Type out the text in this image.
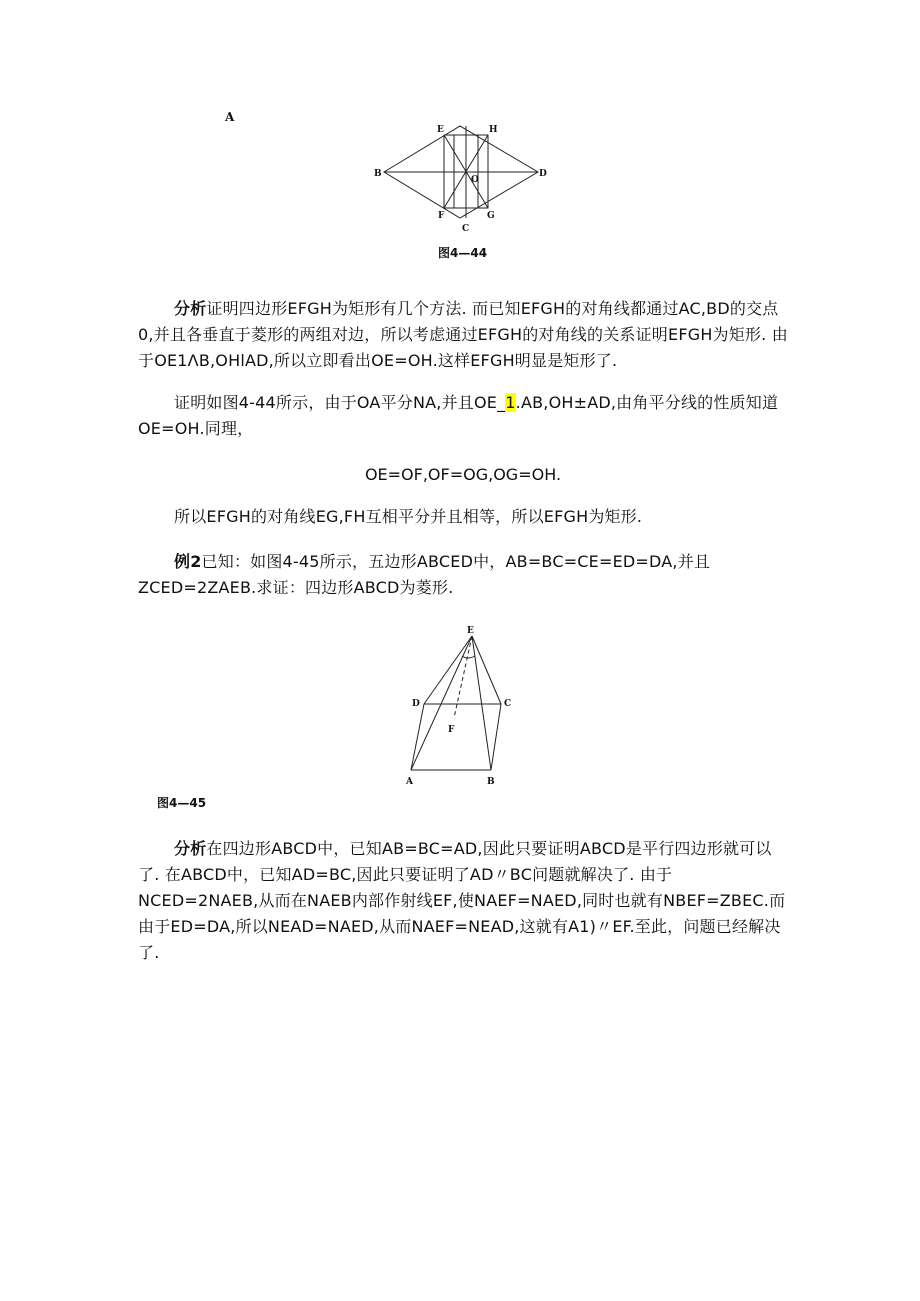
A
E	H
B
O
D
F
C
G
图4—44
分析证明四边形EFGH为矩形有几个方法. 而已知EFGH的对角线都通过AC,BD的交点0,并且各垂直于菱形的两组对边，所以考虑通过EFGH的对角线的关系证明EFGH为矩形. 由于OE1ΛB,OHlAD,所以立即看出OE=OH.这样EFGH明显是矩形了.
证明如图4-44所示，由于OA平分NA,并且OE_1.AB,OH±AD,由角平分线的性质知道OE=OH.同理，
OE=OF,OF=OG,OG=OH.
所以EFGH的对角线EG,FH互相平分并且相等，所以EFGH为矩形.
例2已知：如图4-45所示，五边形ABCED中，AB=BC=CE=ED=DA,并且ZCED=2ZAEB.求证：四边形ABCD为菱形.
E
D	C
F
A	B
图4—45
分析在四边形ABCD中，已知AB=BC=AD,因此只要证明ABCD是平行四边形就可以了. 在ABCD中，已知AD=BC,因此只要证明了AD〃BC问题就解决了. 由于NCED=2NAEB,从而在NAEB内部作射线EF,使NAEF=NAED,同时也就有NBEF=ZBEC.而由于ED=DA,所以NEAD=NAED,从而NAEF=NEAD,这就有A1)〃EF.至此，问题已经解决了.
